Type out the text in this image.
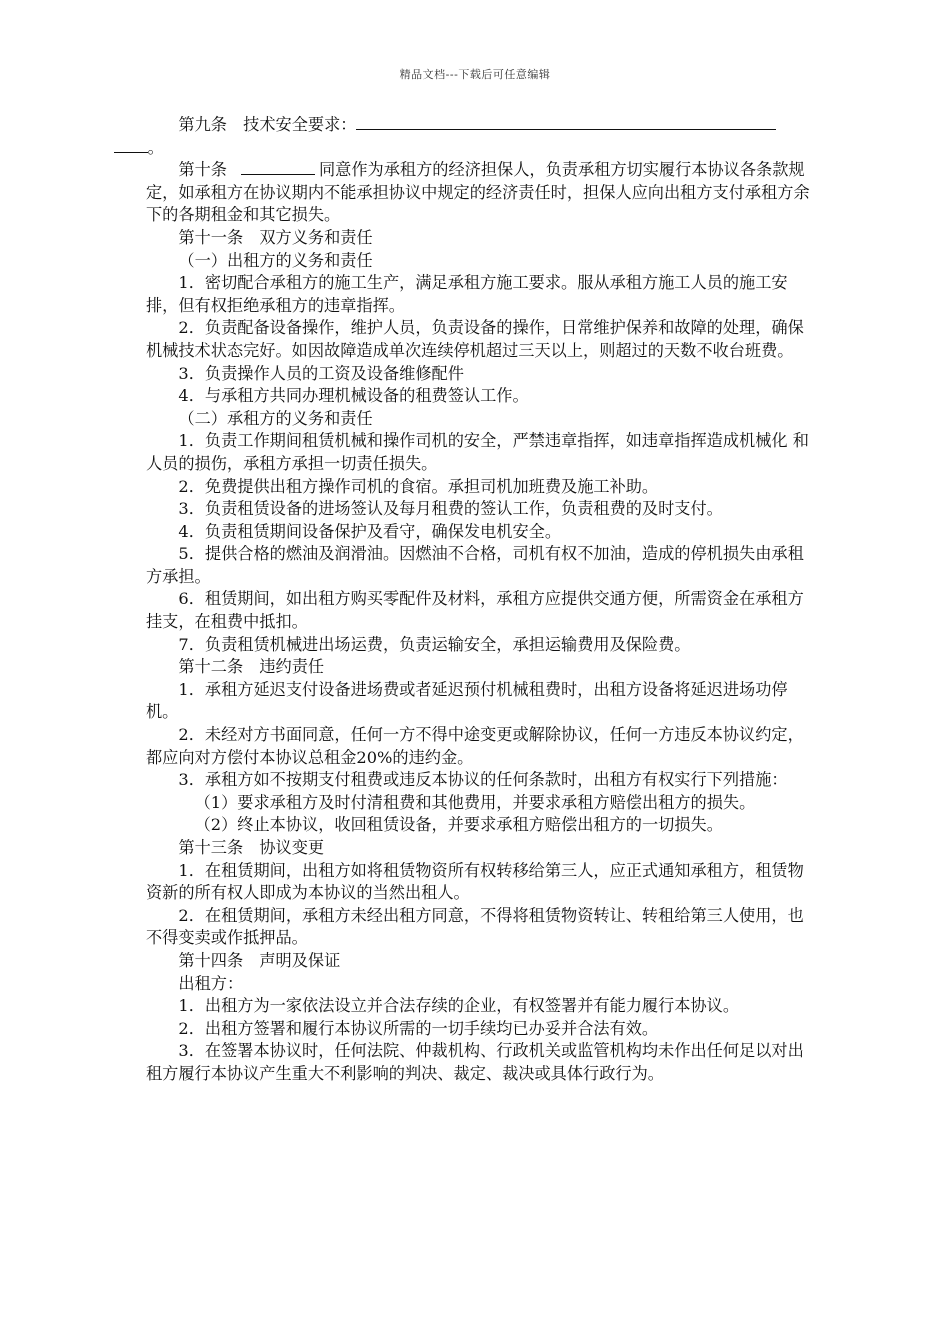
精品文档---下载后可任意编辑

第九条　技术安全要求：
。

第十条	同意作为承租方的经济担保人，负责承租方切实履行本协议各条款规定，如承租方在协议期内不能承担协议中规定的经济责任时，担保人应向出租方支付承租方余下的各期租金和其它损失。

第十一条　双方义务和责任

（一）出租方的义务和责任

1．密切配合承租方的施工生产，满足承租方施工要求。服从承租方施工人员的施工安排，但有权拒绝承租方的违章指挥。

2．负责配备设备操作，维护人员，负责设备的操作，日常维护保养和故障的处理，确保机械技术状态完好。如因故障造成单次连续停机超过三天以上，则超过的天数不收台班费。

3．负责操作人员的工资及设备维修配件

4．与承租方共同办理机械设备的租费签认工作。

（二）承租方的义务和责任

1．负责工作期间租赁机械和操作司机的安全，严禁违章指挥，如违章指挥造成机械化 和人员的损伤，承租方承担一切责任损失。

2．免费提供出租方操作司机的食宿。承担司机加班费及施工补助。

3．负责租赁设备的进场签认及每月租费的签认工作，负责租费的及时支付。

4．负责租赁期间设备保护及看守，确保发电机安全。

5．提供合格的燃油及润滑油。因燃油不合格，司机有权不加油，造成的停机损失由承租方承担。

6．租赁期间，如出租方购买零配件及材料，承租方应提供交通方便，所需资金在承租方挂支，在租费中抵扣。

7．负责租赁机械进出场运费，负责运输安全，承担运输费用及保险费。

第十二条　违约责任

1．承租方延迟支付设备进场费或者延迟预付机械租费时，出租方设备将延迟进场功停机。

2．未经对方书面同意，任何一方不得中途变更或解除协议，任何一方违反本协议约定，都应向对方偿付本协议总租金20%的违约金。

3．承租方如不按期支付租费或违反本协议的任何条款时，出租方有权实行下列措施：

（1）要求承租方及时付清租费和其他费用，并要求承租方赔偿出租方的损失。

（2）终止本协议，收回租赁设备，并要求承租方赔偿出租方的一切损失。

第十三条　协议变更

1．在租赁期间，出租方如将租赁物资所有权转移给第三人，应正式通知承租方，租赁物资新的所有权人即成为本协议的当然出租人。

2．在租赁期间，承租方未经出租方同意，不得将租赁物资转让、转租给第三人使用，也不得变卖或作抵押品。

第十四条　声明及保证

出租方：

1．出租方为一家依法设立并合法存续的企业，有权签署并有能力履行本协议。

2．出租方签署和履行本协议所需的一切手续均已办妥并合法有效。

3．在签署本协议时，任何法院、仲裁机构、行政机关或监管机构均未作出任何足以对出租方履行本协议产生重大不利影响的判决、裁定、裁决或具体行政行为。
